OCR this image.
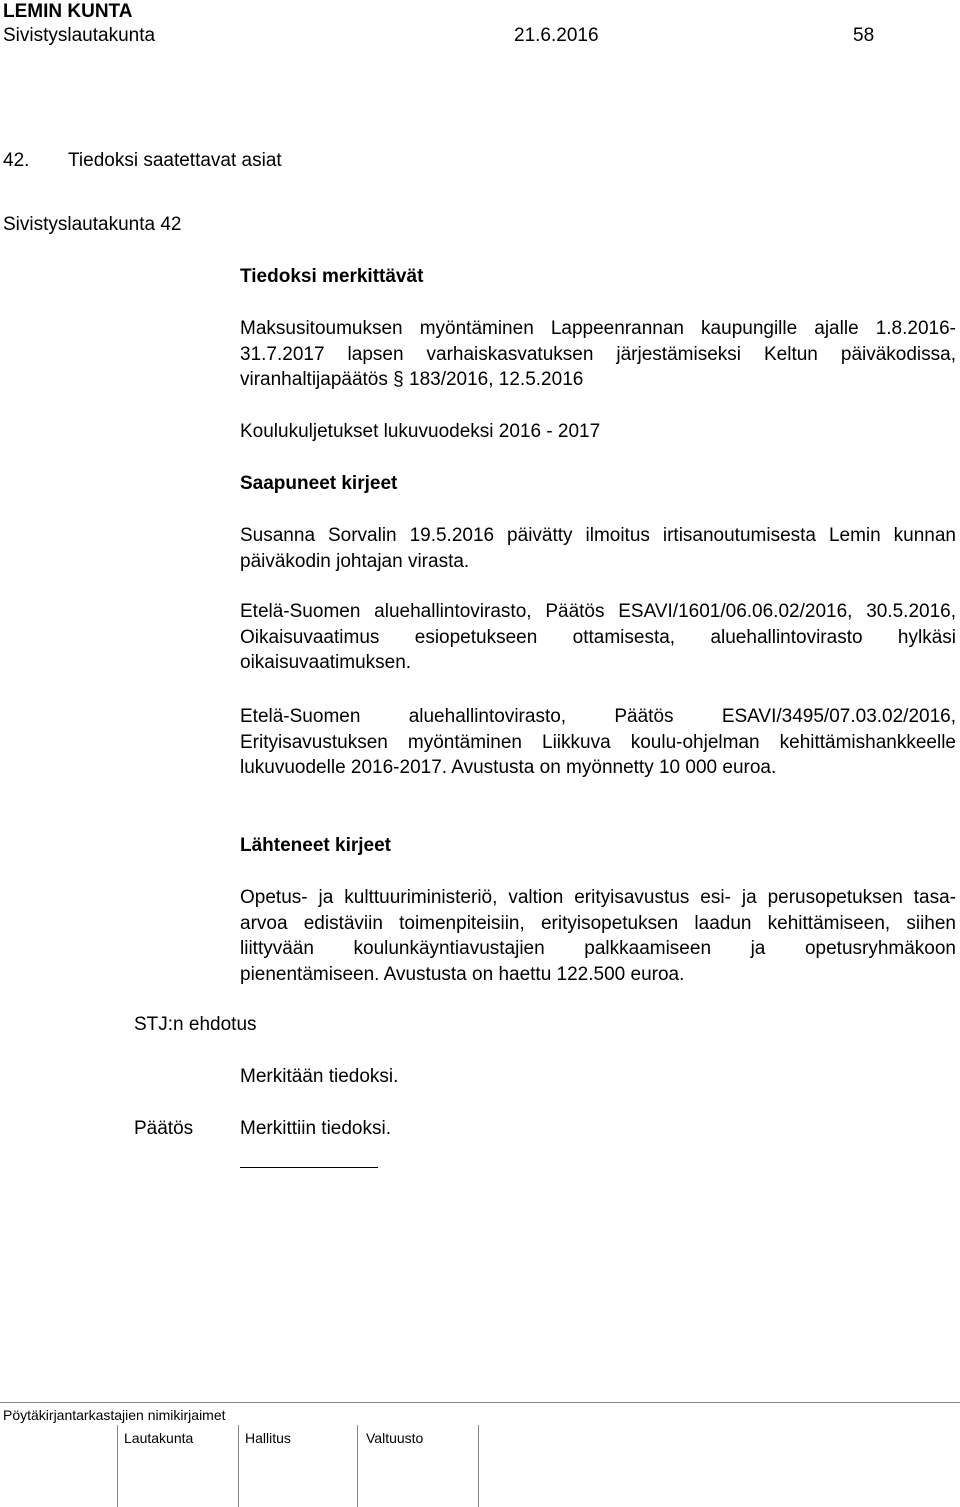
LEMIN KUNTA
Sivistyslautakunta	21.6.2016	58
42. Tiedoksi saatettavat asiat
Sivistyslautakunta 42

Tiedoksi merkittävät

Maksusitoumuksen myöntäminen Lappeenrannan kaupungille ajalle 1.8.2016-31.7.2017 lapsen varhaiskasvatuksen järjestämiseksi Keltun päiväkodissa, viranhaltijapäätös § 183/2016, 12.5.2016

Koulukuljetukset lukuvuodeksi 2016 - 2017

Saapuneet kirjeet

Susanna Sorvalin 19.5.2016 päivätty ilmoitus irtisanoutumisesta Lemin kunnan päiväkodin johtajan virasta.

Etelä-Suomen aluehallintovirasto, Päätös ESAVI/1601/06.06.02/2016, 30.5.2016, Oikaisuvaatimus esiopetukseen ottamisesta, aluehallintovirasto hylkäsi oikaisuvaatimuksen.

Etelä-Suomen aluehallintovirasto, Päätös ESAVI/3495/07.03.02/2016, Erityisavustuksen myöntäminen Liikkuva koulu-ohjelman kehittämishankkeelle lukuvuodelle 2016-2017. Avustusta on myönnetty 10 000 euroa.

Lähteneet kirjeet

Opetus- ja kulttuuriministeriö, valtion erityisavustus esi- ja perusopetuksen tasa-arvoa edistäviin toimenpiteisiin, erityisopetuksen laadun kehittämiseen, siihen liittyvään koulunkäyntiavustajien palkkaamiseen ja opetusryhmäkoon pienentämiseen. Avustusta on haettu 122.500 euroa.

STJ:n ehdotus
Merkitään tiedoksi.
Päätös Merkittiin tiedoksi.
Pöytäkirjantarkastajien nimikirjaimet
Lautakunta	Hallitus	Valtuusto
